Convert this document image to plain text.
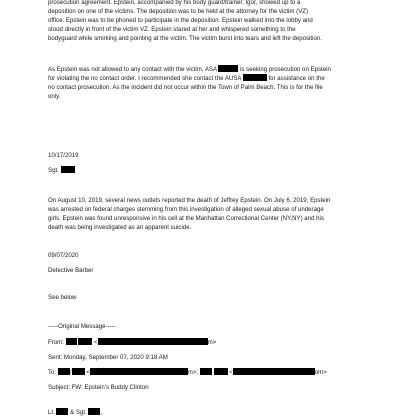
prosecution agreement. Epstein, accompanied by his body guard/trainer, Igor, showed up to a

deposition on one of the victims. The deposition was to be held at the attorney for the victim (VZ)

office. Epstein was to be phoned to participate in the deposition. Epstein walked into the lobby and

stood directly in front of the victim VZ. Epstein stared at her and whispered something to the

bodyguard while smirking and pointing at the victim. The victim burst into tears and left the deposition.

As Epstein was not allowed to any contact with the victim, ASA	is seeking prosecution on Epstein

for violating the no contact order. I recommended she contact the AUSA	for assistance on the

no contact prosecution. As the incident did not occur within the Town of Palm Beach, This is for the file

only.

10/17/2019

Sgt.

On August 10, 2019, several news outlets reported the death of Jeffrey Epstein. On July 6, 2019, Epstein

was arrested on federal charges stemming from this investigation of alleged sexual abuse of underage

girls. Epstein was found unresponsive in his cell at the Manhattan Correctional Center (NY,NY) and his

death was being investigated as an apparent suicide.

09/07/2020

Detective Barber

See below

-----Original Message-----

From:	<	m>

Sent: Monday, September 07, 2020 9:18 AM

To:	<	m>;	<	om>

Subject: FW: Epstein's Buddy Clinton

Lt.  & Sgt. ,
